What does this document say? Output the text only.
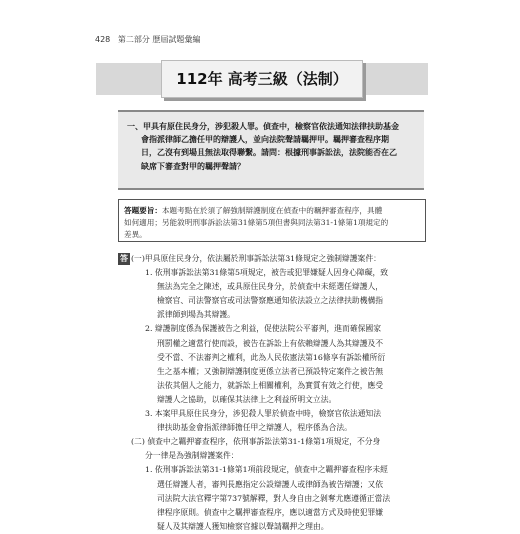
428 第二部分 歷屆試題彙編
112年 高考三級（法制）
一、甲具有原住民身分，涉犯殺人罪。偵查中，檢察官依法通知法律扶助基金
會指派律師乙擔任甲的辯護人，並向法院聲請羈押甲。羈押審查程序期
日，乙沒有到場且無法取得聯繫。請問：根據刑事訴訟法，法院能否在乙
缺席下審查對甲的羈押聲請？
答題要旨：本題考點在於須了解強制辯護制度在偵查中的羈押審查程序，具體
如何適用；另能敘明刑事訴訟法第31條第5項但書與同法第31-1條第1項規定的
差異。
答 (一)甲具原住民身分，依法屬於刑事訴訟法第31條規定之強制辯護案件：

1. 依刑事訴訟法第31條第5項規定，被告或犯罪嫌疑人因身心障礙，致

無法為完全之陳述，或具原住民身分，於偵查中未經選任辯護人，

檢察官、司法警察官或司法警察應通知依法設立之法律扶助機構指

派律師到場為其辯護。

2. 辯護制度係為保護被告之利益，促使法院公平審判，進而確保國家

刑罰權之適當行使而設，被告在訴訟上有依賴辯護人為其辯護及不

受不當、不法審判之權利，此為人民依憲法第16條享有訴訟權所衍

生之基本權；又強制辯護制度更係立法者已預設特定案件之被告無

法依其個人之能力，就訴訟上相關權利，為實質有效之行使，應受

辯護人之協助，以確保其法律上之利益所明文立法。

3. 本案甲具原住民身分，涉犯殺人罪於偵查中時，檢察官依法通知法

律扶助基金會指派律師擔任甲之辯護人，程序係為合法。

(二) 偵查中之羈押審查程序，依刑事訴訟法第31-1條第1項規定，不分身

分一律是為強制辯護案件：

1. 依刑事訴訟法第31-1條第1項前段規定，偵查中之羈押審查程序未經

選任辯護人者，審判長應指定公設辯護人或律師為被告辯護；又依

司法院大法官釋字第737號解釋，對人身自由之剝奪尤應遵循正當法

律程序原則。偵查中之羈押審查程序，應以適當方式及時使犯罪嫌

疑人及其辯護人獲知檢察官據以聲請羈押之理由。
